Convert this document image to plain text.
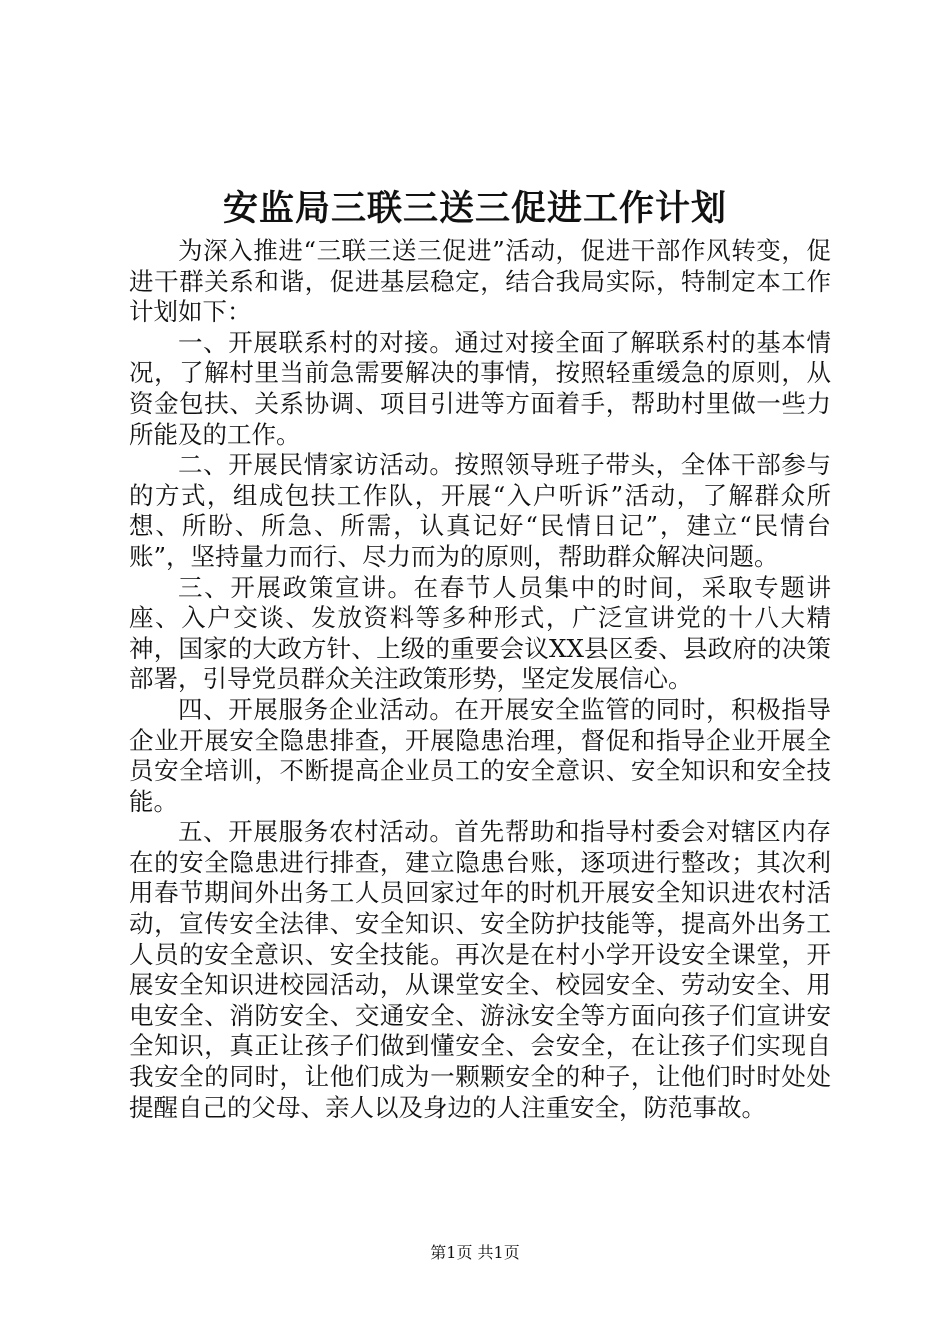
安监局三联三送三促进工作计划

为深入推进“三联三送三促进”活动，促进干部作风转变，促进干群关系和谐，促进基层稳定，结合我局实际，特制定本工作计划如下：

一、开展联系村的对接。通过对接全面了解联系村的基本情况，了解村里当前急需要解决的事情，按照轻重缓急的原则，从资金包扶、关系协调、项目引进等方面着手，帮助村里做一些力所能及的工作。

二、开展民情家访活动。按照领导班子带头，全体干部参与的方式，组成包扶工作队，开展“入户听诉”活动，了解群众所想、所盼、所急、所需，认真记好“民情日记”，建立“民情台账”，坚持量力而行、尽力而为的原则，帮助群众解决问题。

三、开展政策宣讲。在春节人员集中的时间，采取专题讲座、入户交谈、发放资料等多种形式，广泛宣讲党的十八大精神，国家的大政方针、上级的重要会议XX县区委、县政府的决策部署，引导党员群众关注政策形势，坚定发展信心。

四、开展服务企业活动。在开展安全监管的同时，积极指导企业开展安全隐患排查，开展隐患治理，督促和指导企业开展全员安全培训，不断提高企业员工的安全意识、安全知识和安全技能。

五、开展服务农村活动。首先帮助和指导村委会对辖区内存在的安全隐患进行排查，建立隐患台账，逐项进行整改；其次利用春节期间外出务工人员回家过年的时机开展安全知识进农村活动，宣传安全法律、安全知识、安全防护技能等，提高外出务工人员的安全意识、安全技能。再次是在村小学开设安全课堂，开展安全知识进校园活动，从课堂安全、校园安全、劳动安全、用电安全、消防安全、交通安全、游泳安全等方面向孩子们宣讲安全知识，真正让孩子们做到懂安全、会安全，在让孩子们实现自我安全的同时，让他们成为一颗颗安全的种子，让他们时时处处提醒自己的父母、亲人以及身边的人注重安全，防范事故。

第1页 共1页
